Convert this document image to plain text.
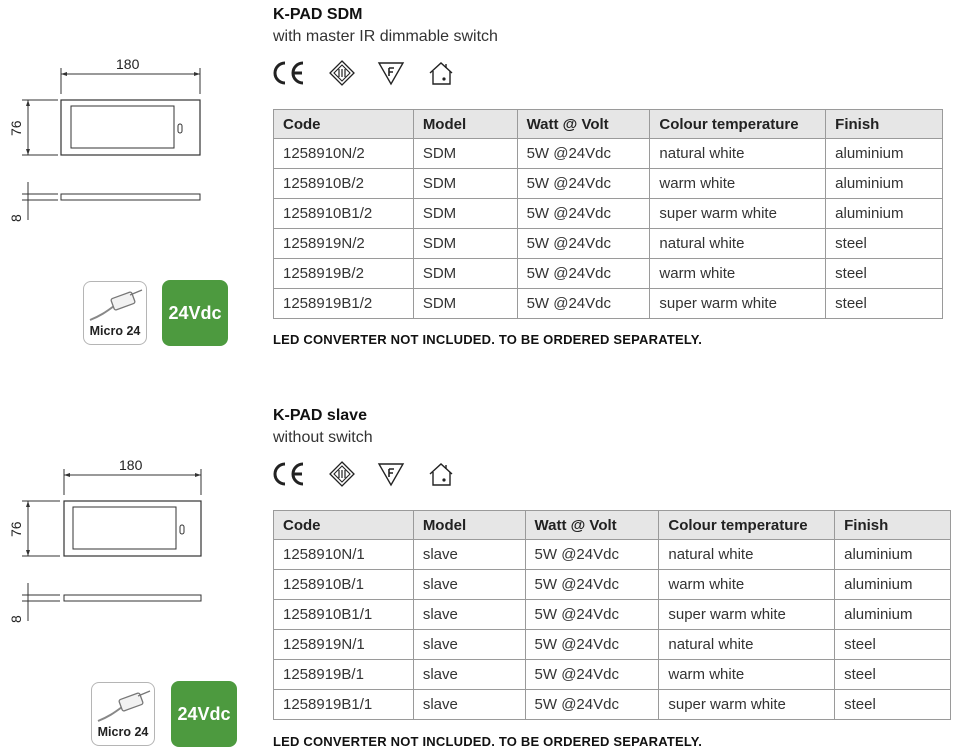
180
76
8
Micro 24
24Vdc
K-PAD SDM
with master IR dimmable switch
Code	Model	Watt @ Volt	Colour temperature	Finish
1258910N/2	SDM	5W @24Vdc	natural white	aluminium
1258910B/2	SDM	5W @24Vdc	warm white	aluminium
1258910B1/2	SDM	5W @24Vdc	super warm white	aluminium
1258919N/2	SDM	5W @24Vdc	natural white	steel
1258919B/2	SDM	5W @24Vdc	warm white	steel
1258919B1/2	SDM	5W @24Vdc	super warm white	steel
LED CONVERTER NOT INCLUDED. TO BE ORDERED SEPARATELY.
180
76
8
Micro 24
24Vdc
K-PAD slave
without switch
Code	Model	Watt @ Volt	Colour temperature	Finish
1258910N/1	slave	5W @24Vdc	natural white	aluminium
1258910B/1	slave	5W @24Vdc	warm white	aluminium
1258910B1/1	slave	5W @24Vdc	super warm white	aluminium
1258919N/1	slave	5W @24Vdc	natural white	steel
1258919B/1	slave	5W @24Vdc	warm white	steel
1258919B1/1	slave	5W @24Vdc	super warm white	steel
LED CONVERTER NOT INCLUDED. TO BE ORDERED SEPARATELY.
